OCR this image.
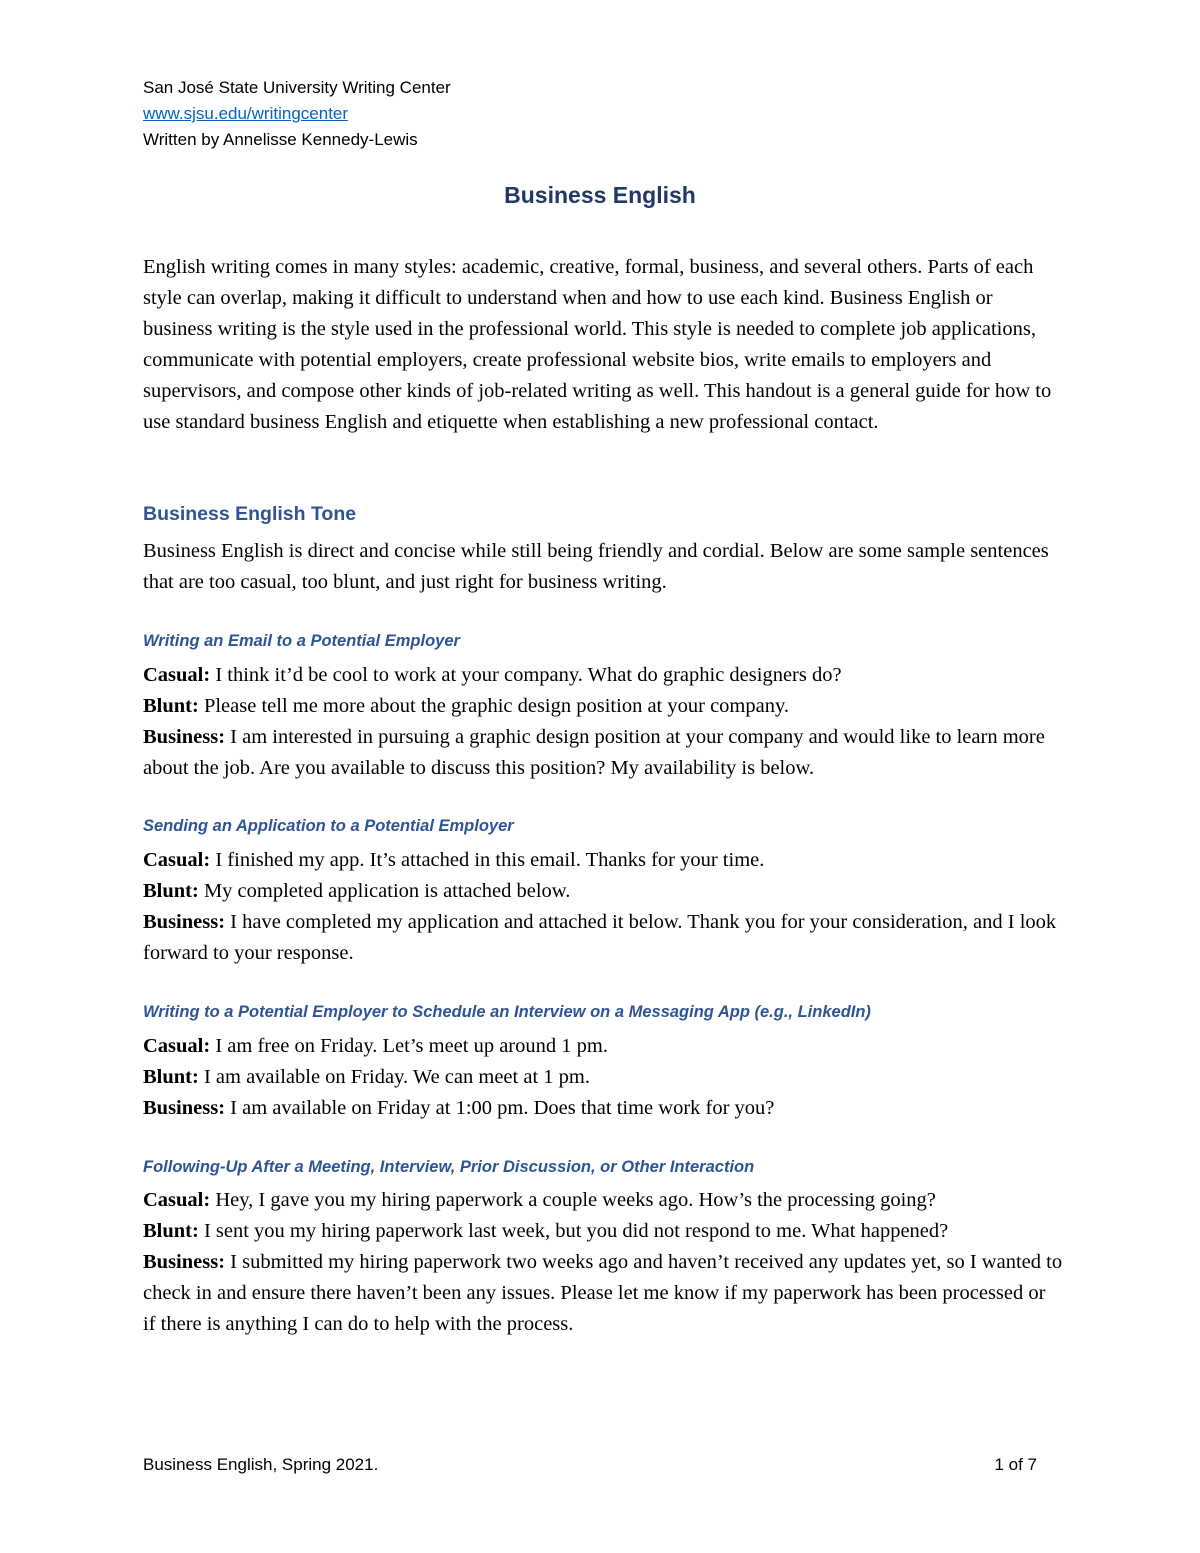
San José State University Writing Center
www.sjsu.edu/writingcenter
Written by Annelisse Kennedy-Lewis
Business English

English writing comes in many styles: academic, creative, formal, business, and several others. Parts of each style can overlap, making it difficult to understand when and how to use each kind. Business English or business writing is the style used in the professional world. This style is needed to complete job applications, communicate with potential employers, create professional website bios, write emails to employers and supervisors, and compose other kinds of job-related writing as well. This handout is a general guide for how to use standard business English and etiquette when establishing a new professional contact.

Business English Tone

Business English is direct and concise while still being friendly and cordial. Below are some sample sentences that are too casual, too blunt, and just right for business writing.

Writing an Email to a Potential Employer
Casual: I think it’d be cool to work at your company. What do graphic designers do?
Blunt: Please tell me more about the graphic design position at your company.
Business: I am interested in pursuing a graphic design position at your company and would like to learn more about the job. Are you available to discuss this position? My availability is below.
Sending an Application to a Potential Employer
Casual: I finished my app. It’s attached in this email. Thanks for your time.
Blunt: My completed application is attached below.
Business: I have completed my application and attached it below. Thank you for your consideration, and I look forward to your response.
Writing to a Potential Employer to Schedule an Interview on a Messaging App (e.g., LinkedIn)
Casual: I am free on Friday. Let’s meet up around 1 pm.
Blunt: I am available on Friday. We can meet at 1 pm.
Business: I am available on Friday at 1:00 pm. Does that time work for you?
Following-Up After a Meeting, Interview, Prior Discussion, or Other Interaction
Casual: Hey, I gave you my hiring paperwork a couple weeks ago. How’s the processing going?
Blunt: I sent you my hiring paperwork last week, but you did not respond to me. What happened?
Business: I submitted my hiring paperwork two weeks ago and haven’t received any updates yet, so I wanted to check in and ensure there haven’t been any issues. Please let me know if my paperwork has been processed or if there is anything I can do to help with the process.
Business English, Spring 2021.	1 of 7
